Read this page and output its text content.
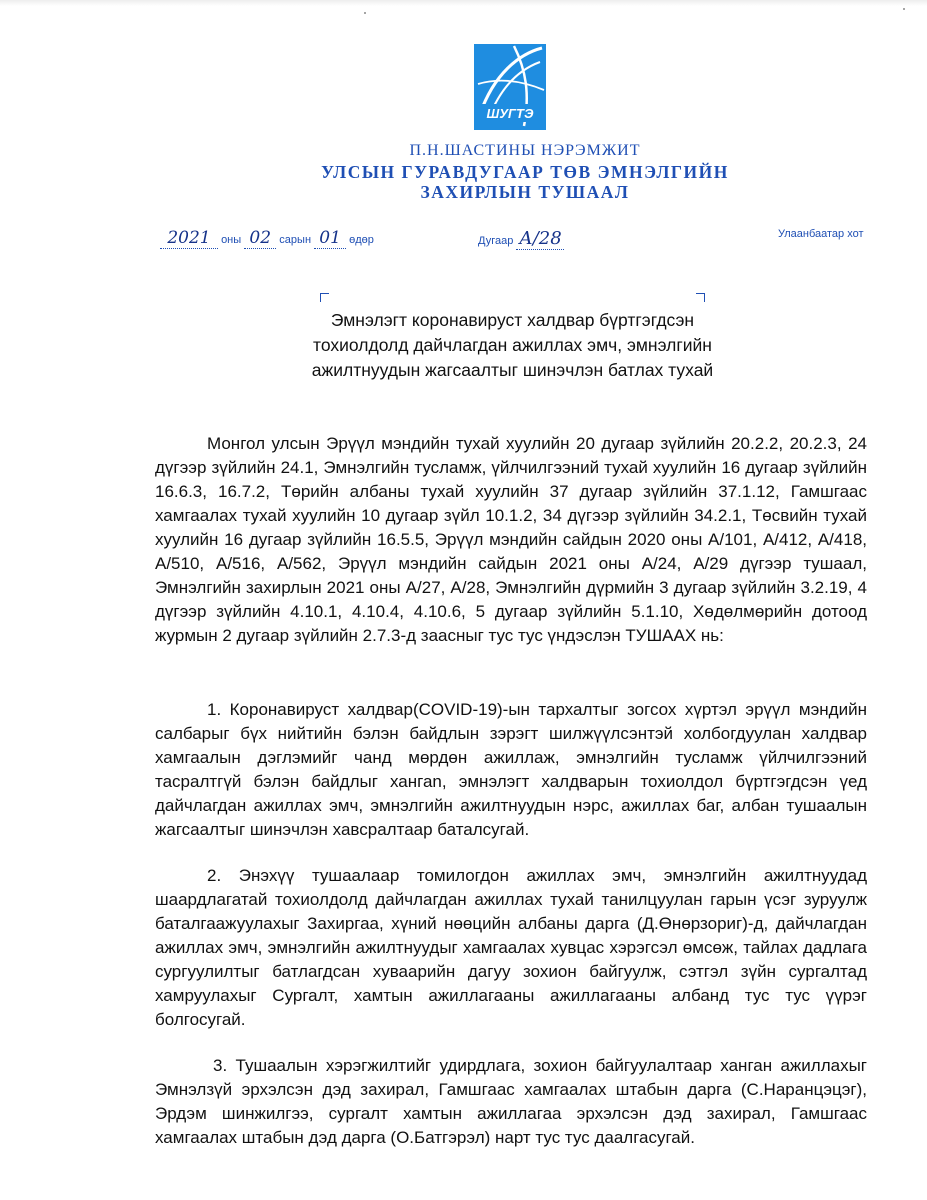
ШУГТЭ
П.Н.ШАСТИНЫ НЭРЭМЖИТ
УЛСЫН ГУРАВДУГААР ТӨВ ЭМНЭЛГИЙН
ЗАХИРЛЫН ТУШААЛ
2021 оны 02 сарын 01 өдөр	Дугаар А/28	Улаанбаатар хот
Эмнэлэгт коронавируст халдвар бүртгэгдсэн тохиолдолд дайчлагдан ажиллах эмч, эмнэлгийн ажилтнуудын жагсаалтыг шинэчлэн батлах тухай
Монгол улсын Эрүүл мэндийн тухай хуулийн 20 дугаар зүйлийн 20.2.2, 20.2.3, 24 дүгээр зүйлийн 24.1, Эмнэлгийн тусламж, үйлчилгээний тухай хуулийн 16 дугаар зүйлийн 16.6.3, 16.7.2, Төрийн албаны тухай хуулийн 37 дугаар зүйлийн 37.1.12, Гамшгаас хамгаалах тухай хуулийн 10 дугаар зүйл 10.1.2, 34 дүгээр зүйлийн 34.2.1, Төсвийн тухай хуулийн 16 дугаар зүйлийн 16.5.5, Эрүүл мэндийн сайдын 2020 оны А/101, А/412, А/418, А/510, А/516, А/562, Эрүүл мэндийн сайдын 2021 оны А/24, А/29 дүгээр тушаал, Эмнэлгийн захирлын 2021 оны А/27, А/28, Эмнэлгийн дүрмийн 3 дугаар зүйлийн 3.2.19, 4 дүгээр зүйлийн 4.10.1, 4.10.4, 4.10.6, 5 дугаар зүйлийн 5.1.10, Хөдөлмөрийн дотоод журмын 2 дугаар зүйлийн 2.7.3-д заасныг тус тус үндэслэн ТУШААХ нь:
1. Коронавируст халдвар(COVID-19)-ын тархалтыг зогсох хүртэл эрүүл мэндийн салбарыг бүх нийтийн бэлэн байдлын зэрэгт шилжүүлсэнтэй холбогдуулан халдвар хамгаалын дэглэмийг чанд мөрдөн ажиллаж, эмнэлгийн тусламж үйлчилгээний тасралтгүй бэлэн байдлыг хангаn, эмнэлэгт халдварын тохиолдол бүртгэгдсэн үед дайчлагдан ажиллах эмч, эмнэлгийн ажилтнуудын нэрс, ажиллах баг, албан тушаалын жагсаалтыг шинэчлэн хавсралтаар баталсугай.
2. Энэхүү тушаалаар томилогдон ажиллах эмч, эмнэлгийн ажилтнуудад шаардлагатай тохиолдолд дайчлагдан ажиллах тухай танилцуулан гарын үсэг зуруулж баталгаажуулахыг Захиргаа, хүний нөөцийн албаны дарга (Д.Өнөрзориг)-д, дайчлагдан ажиллах эмч, эмнэлгийн ажилтнуудыг хамгаалах хувцас хэрэгсэл өмсөж, тайлах дадлага сургуулилтыг батлагдсан хуваарийн дагуу зохион байгуулж, сэтгэл зүйн сургалтад хамруулахыг Сургалт, хамтын ажиллагааны ажиллагааны албанд тус тус үүрэг болгосугай.
3. Тушаалын хэрэгжилтийг удирдлага, зохион байгуулалтаар ханган ажиллахыг Эмнэлзүй эрхэлсэн дэд захирал, Гамшгаас хамгаалах штабын дарга (С.Наранцэцэг), Эрдэм шинжилгээ, сургалт хамтын ажиллагаа эрхэлсэн дэд захирал, Гамшгаас хамгаалах штабын дэд дарга (О.Батгэрэл) нарт тус тус даалгасугай.
